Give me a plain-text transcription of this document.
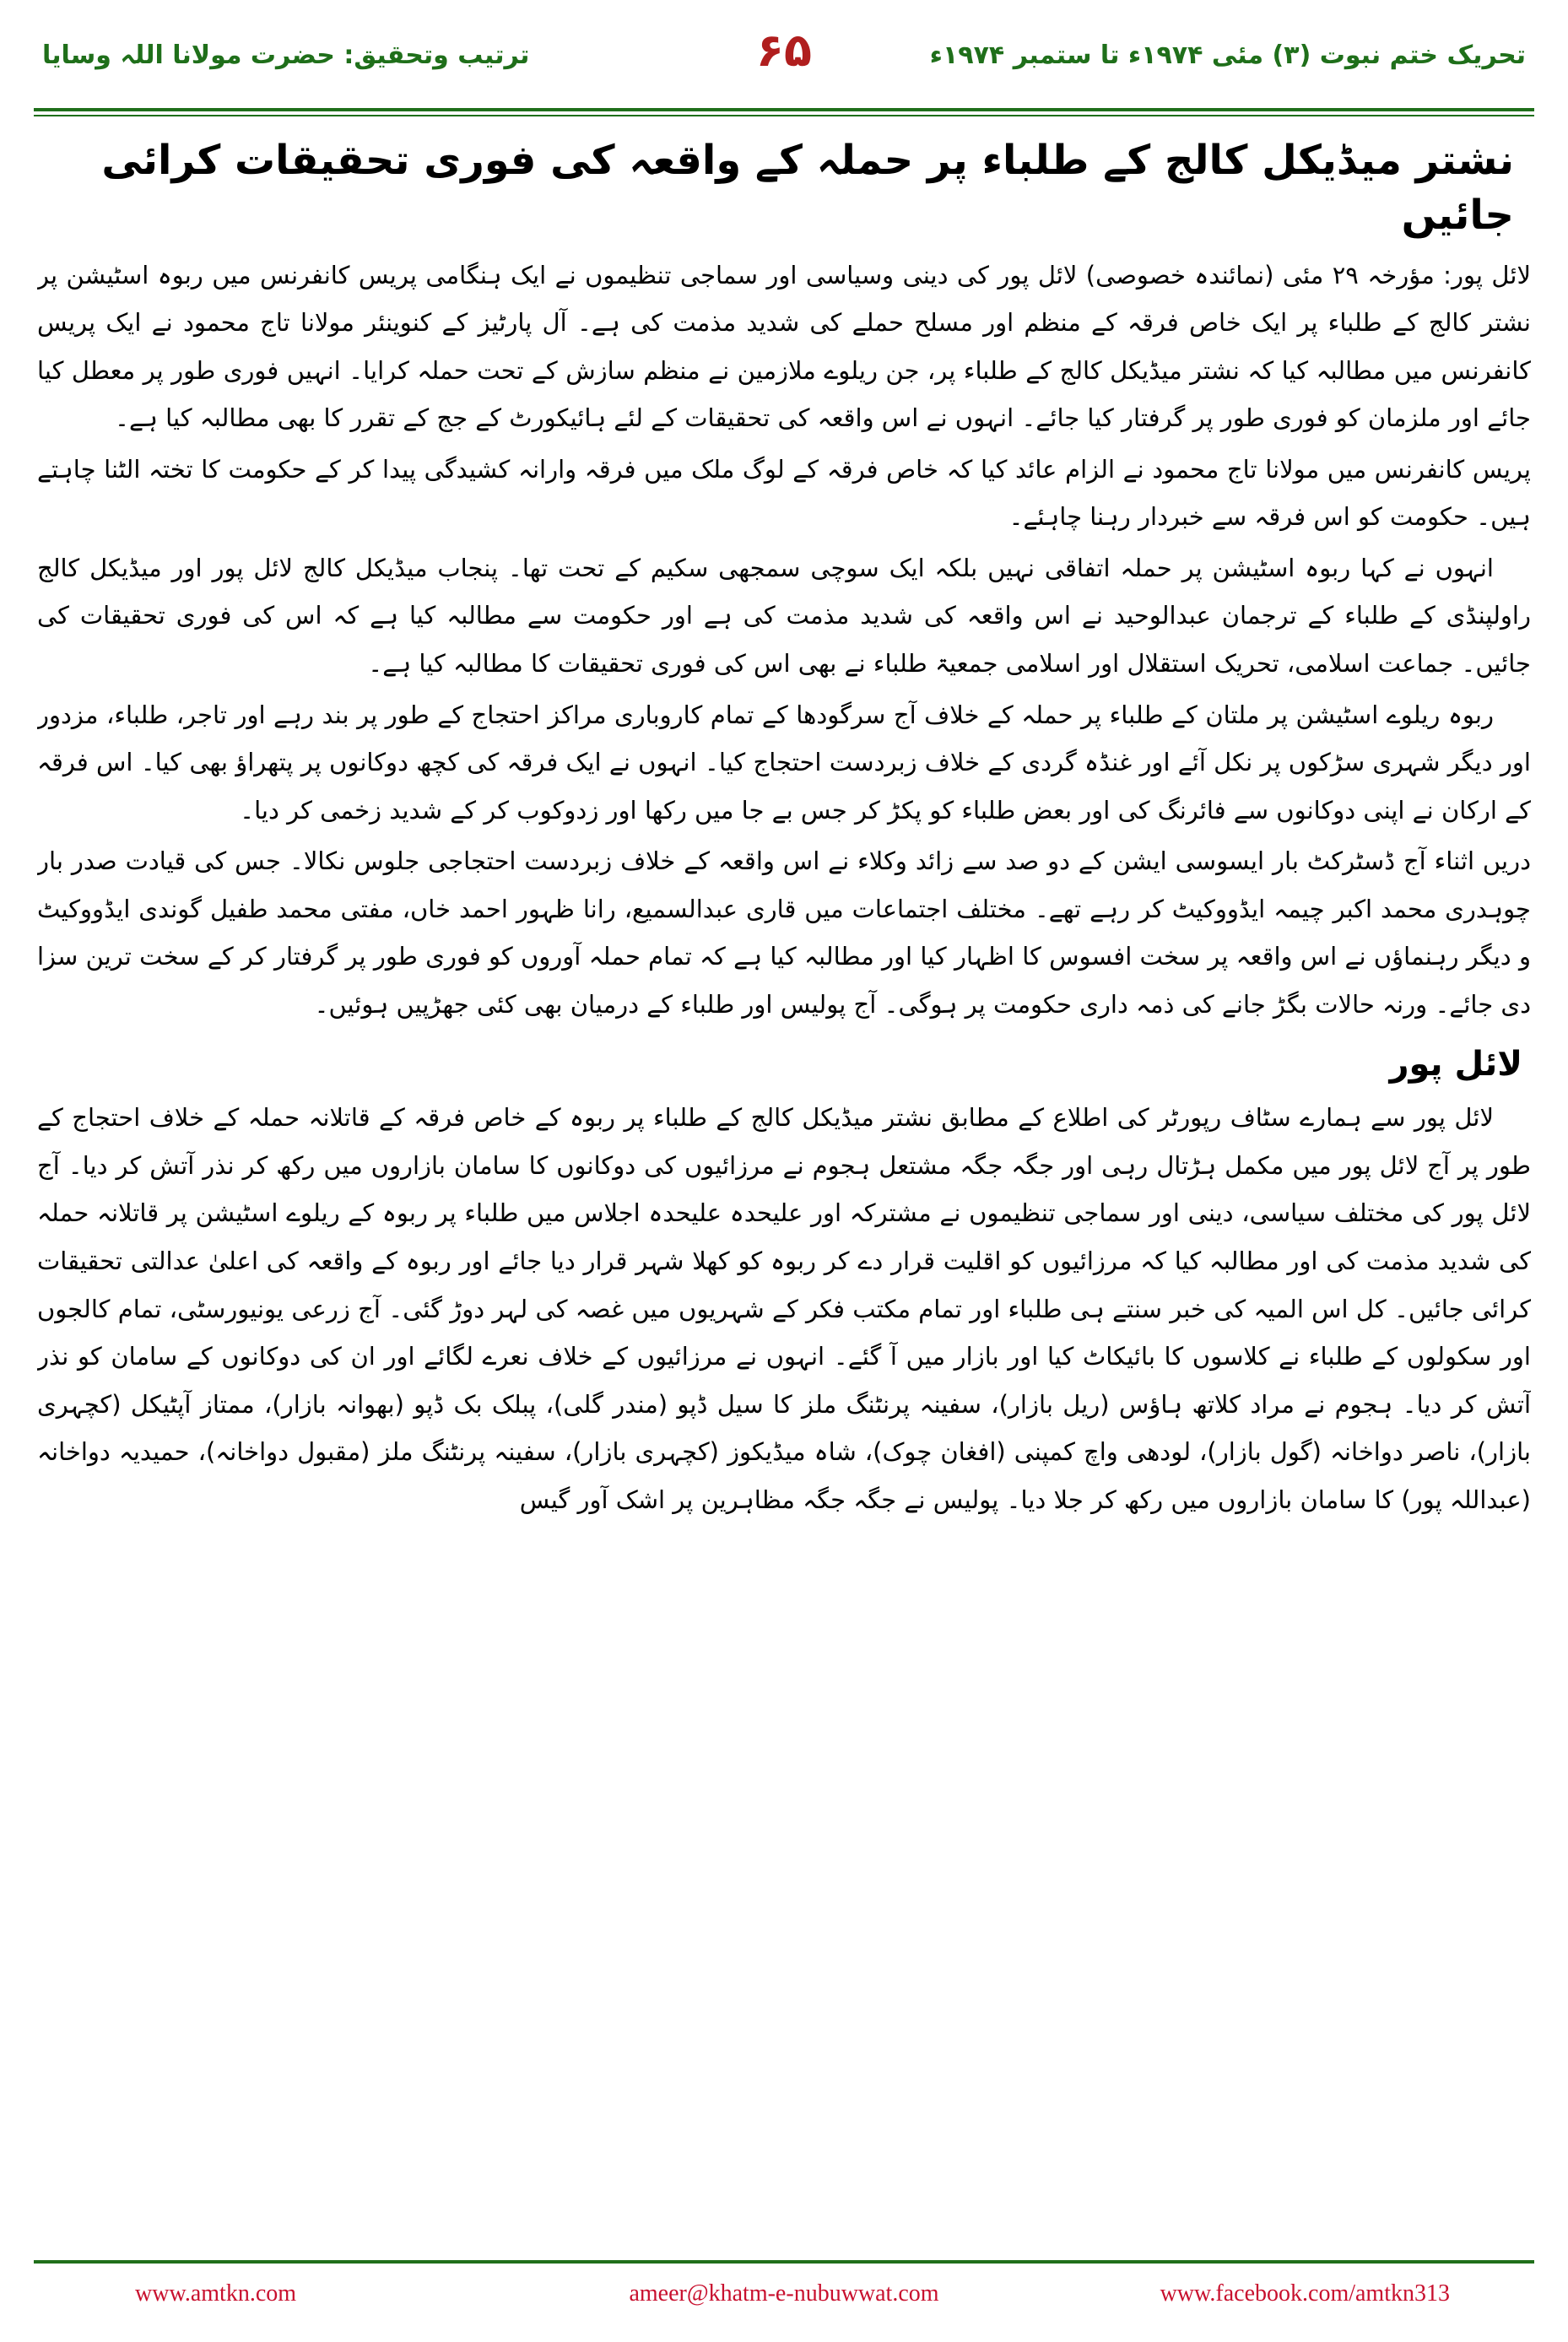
تحریک ختم نبوت (۳) مئی ۱۹۷۴ء تا ستمبر ۱۹۷۴ء
۶۵
ترتیب وتحقیق: حضرت مولانا اللہ وسایا
نشتر میڈیکل کالج کے طلباء پر حملہ کے واقعہ کی فوری تحقیقات کرائی جائیں

لائل پور: مؤرخہ ۲۹ مئی (نمائندہ خصوصی) لائل پور کی دینی وسیاسی اور سماجی تنظیموں نے ایک ہنگامی پریس کانفرنس میں ربوہ اسٹیشن پر نشتر کالج کے طلباء پر ایک خاص فرقہ کے منظم اور مسلح حملے کی شدید مذمت کی ہے۔ آل پارٹیز کے کنوینئر مولانا تاج محمود نے ایک پریس کانفرنس میں مطالبہ کیا کہ نشتر میڈیکل کالج کے طلباء پر، جن ریلوے ملازمین نے منظم سازش کے تحت حملہ کرایا۔ انہیں فوری طور پر معطل کیا جائے اور ملزمان کو فوری طور پر گرفتار کیا جائے۔ انہوں نے اس واقعہ کی تحقیقات کے لئے ہائیکورٹ کے جج کے تقرر کا بھی مطالبہ کیا ہے۔

پریس کانفرنس میں مولانا تاج محمود نے الزام عائد کیا کہ خاص فرقہ کے لوگ ملک میں فرقہ وارانہ کشیدگی پیدا کر کے حکومت کا تختہ الٹنا چاہتے ہیں۔ حکومت کو اس فرقہ سے خبردار رہنا چاہئے۔

انہوں نے کہا ربوہ اسٹیشن پر حملہ اتفاقی نہیں بلکہ ایک سوچی سمجھی سکیم کے تحت تھا۔ پنجاب میڈیکل کالج لائل پور اور میڈیکل کالج راولپنڈی کے طلباء کے ترجمان عبدالوحید نے اس واقعہ کی شدید مذمت کی ہے اور حکومت سے مطالبہ کیا ہے کہ اس کی فوری تحقیقات کی جائیں۔ جماعت اسلامی، تحریک استقلال اور اسلامی جمعیۃ طلباء نے بھی اس کی فوری تحقیقات کا مطالبہ کیا ہے۔

ربوہ ریلوے اسٹیشن پر ملتان کے طلباء پر حملہ کے خلاف آج سرگودھا کے تمام کاروباری مراکز احتجاج کے طور پر بند رہے اور تاجر، طلباء، مزدور اور دیگر شہری سڑکوں پر نکل آئے اور غنڈہ گردی کے خلاف زبردست احتجاج کیا۔ انہوں نے ایک فرقہ کی کچھ دوکانوں پر پتھراؤ بھی کیا۔ اس فرقہ کے ارکان نے اپنی دوکانوں سے فائرنگ کی اور بعض طلباء کو پکڑ کر جس بے جا میں رکھا اور زدوکوب کر کے شدید زخمی کر دیا۔

دریں اثناء آج ڈسٹرکٹ بار ایسوسی ایشن کے دو صد سے زائد وکلاء نے اس واقعہ کے خلاف زبردست احتجاجی جلوس نکالا۔ جس کی قیادت صدر بار چوہدری محمد اکبر چیمہ ایڈووکیٹ کر رہے تھے۔ مختلف اجتماعات میں قاری عبدالسمیع، رانا ظہور احمد خاں، مفتی محمد طفیل گوندی ایڈووکیٹ و دیگر رہنماؤں نے اس واقعہ پر سخت افسوس کا اظہار کیا اور مطالبہ کیا ہے کہ تمام حملہ آوروں کو فوری طور پر گرفتار کر کے سخت ترین سزا دی جائے۔ ورنہ حالات بگڑ جانے کی ذمہ داری حکومت پر ہوگی۔ آج پولیس اور طلباء کے درمیان بھی کئی جھڑپیں ہوئیں۔

لائل پور

لائل پور سے ہمارے سٹاف رپورٹر کی اطلاع کے مطابق نشتر میڈیکل کالج کے طلباء پر ربوہ کے خاص فرقہ کے قاتلانہ حملہ کے خلاف احتجاج کے طور پر آج لائل پور میں مکمل ہڑتال رہی اور جگہ جگہ مشتعل ہجوم نے مرزائیوں کی دوکانوں کا سامان بازاروں میں رکھ کر نذر آتش کر دیا۔ آج لائل پور کی مختلف سیاسی، دینی اور سماجی تنظیموں نے مشترکہ اور علیحدہ علیحدہ اجلاس میں طلباء پر ربوہ کے ریلوے اسٹیشن پر قاتلانہ حملہ کی شدید مذمت کی اور مطالبہ کیا کہ مرزائیوں کو اقلیت قرار دے کر ربوہ کو کھلا شہر قرار دیا جائے اور ربوہ کے واقعہ کی اعلیٰ عدالتی تحقیقات کرائی جائیں۔ کل اس المیہ کی خبر سنتے ہی طلباء اور تمام مکتب فکر کے شہریوں میں غصہ کی لہر دوڑ گئی۔ آج زرعی یونیورسٹی، تمام کالجوں اور سکولوں کے طلباء نے کلاسوں کا بائیکاٹ کیا اور بازار میں آ گئے۔ انہوں نے مرزائیوں کے خلاف نعرے لگائے اور ان کی دوکانوں کے سامان کو نذر آتش کر دیا۔ ہجوم نے مراد کلاتھ ہاؤس (ریل بازار)، سفینہ پرنٹنگ ملز کا سیل ڈپو (مندر گلی)، پبلک بک ڈپو (بھوانہ بازار)، ممتاز آپٹیکل (کچہری بازار)، ناصر دواخانہ (گول بازار)، لودھی واچ کمپنی (افغان چوک)، شاہ میڈیکوز (کچہری بازار)، سفینہ پرنٹنگ ملز (مقبول دواخانہ)، حمیدیہ دواخانہ (عبداللہ پور) کا سامان بازاروں میں رکھ کر جلا دیا۔ پولیس نے جگہ جگہ مظاہرین پر اشک آور گیس

www.amtkn.com	ameer@khatm-e-nubuwwat.com	www.facebook.com/amtkn313
